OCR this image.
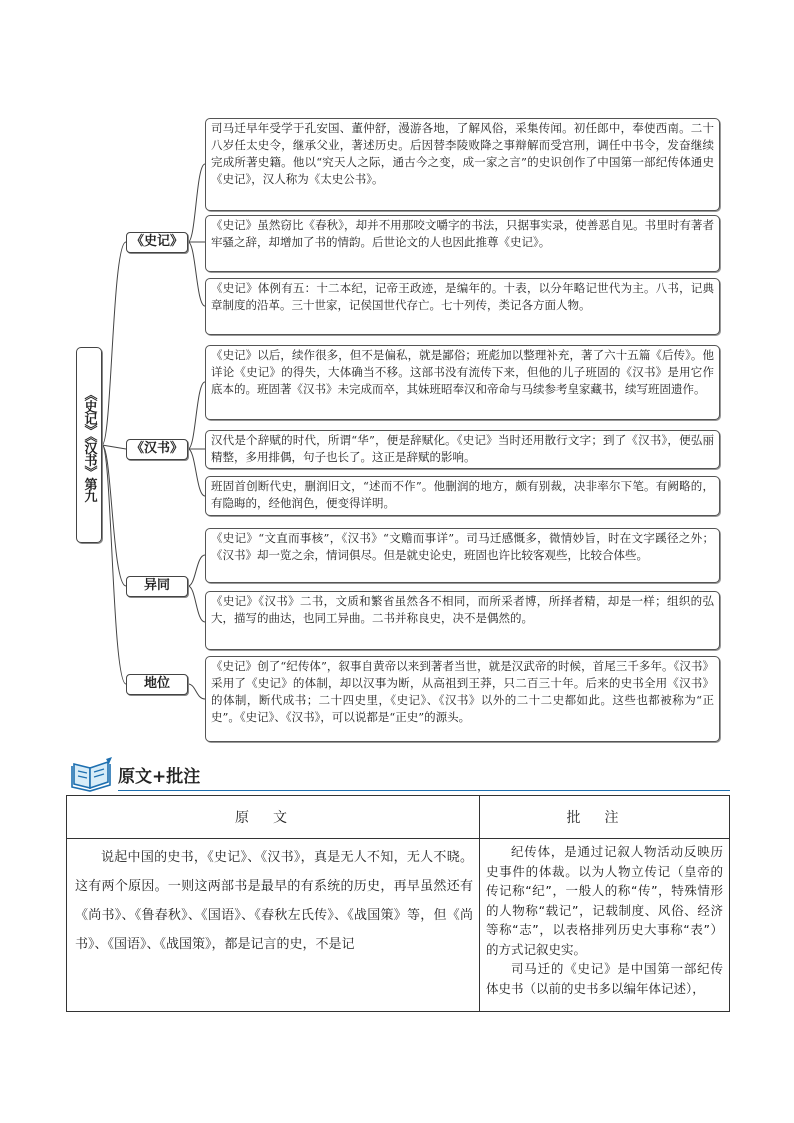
《史记》《汉书》第九
《史记》
《汉书》
异同
地位
司马迁早年受学于孔安国、董仲舒，漫游各地，了解风俗，采集传闻。初任郎中，奉使西南。二十八岁任太史令，继承父业，著述历史。后因替李陵败降之事辩解而受宫刑，调任中书令，发奋继续完成所著史籍。他以“究天人之际，通古今之变，成一家之言”的史识创作了中国第一部纪传体通史《史记》，汉人称为《太史公书》。
《史记》虽然窃比《春秋》，却并不用那咬文嚼字的书法，只据事实录，使善恶自见。书里时有著者牢骚之辞，却增加了书的情韵。后世论文的人也因此推尊《史记》。
《史记》体例有五：十二本纪，记帝王政迹，是编年的。十表，以分年略记世代为主。八书，记典章制度的沿革。三十世家，记侯国世代存亡。七十列传，类记各方面人物。
《史记》以后，续作很多，但不是偏私，就是鄙俗；班彪加以整理补充，著了六十五篇《后传》。他详论《史记》的得失，大体确当不移。这部书没有流传下来，但他的儿子班固的《汉书》是用它作底本的。班固著《汉书》未完成而卒，其妹班昭奉汉和帝命与马续参考皇家藏书，续写班固遗作。
汉代是个辞赋的时代，所谓“华”，便是辞赋化。《史记》当时还用散行文字；到了《汉书》，便弘丽精整，多用排偶，句子也长了。这正是辞赋的影响。
班固首创断代史，删润旧文，“述而不作”。他删润的地方，颇有别裁，决非率尔下笔。有阙略的，有隐晦的，经他润色，便变得详明。
《史记》“文直而事核”，《汉书》“文赡而事详”。司马迁感慨多，微情妙旨，时在文字蹊径之外；《汉书》却一览之余，情词俱尽。但是就史论史，班固也许比较客观些，比较合体些。
《史记》《汉书》二书，文质和繁省虽然各不相同，而所采者博，所择者精，却是一样；组织的弘大，描写的曲达，也同工异曲。二书并称良史，决不是偶然的。
《史记》创了“纪传体”，叙事自黄帝以来到著者当世，就是汉武帝的时候，首尾三千多年。《汉书》采用了《史记》的体制，却以汉事为断，从高祖到王莽，只二百三十年。后来的史书全用《汉书》的体制，断代成书；二十四史里，《史记》、《汉书》以外的二十二史都如此。这些也都被称为“正史”。《史记》、《汉书》，可以说都是“正史”的源头。
原文+批注
原文	批注

说起中国的史书，《史记》、《汉书》，真是无人不知，无人不晓。这有两个原因。一则这两部书是最早的有系统的历史，再早虽然还有《尚书》、《鲁春秋》、《国语》、《春秋左氏传》、《战国策》等，但《尚书》、《国语》、《战国策》，都是记言的史，不是记	纪传体，是通过记叙人物活动反映历史事件的体裁。以为人物立传记（皇帝的传记称“纪”，一般人的称“传”，特殊情形的人物称“载记”，记载制度、风俗、经济等称“志”，以表格排列历史大事称“表”）的方式记叙史实。

司马迁的《史记》是中国第一部纪传体史书（以前的史书多以编年体记述），
